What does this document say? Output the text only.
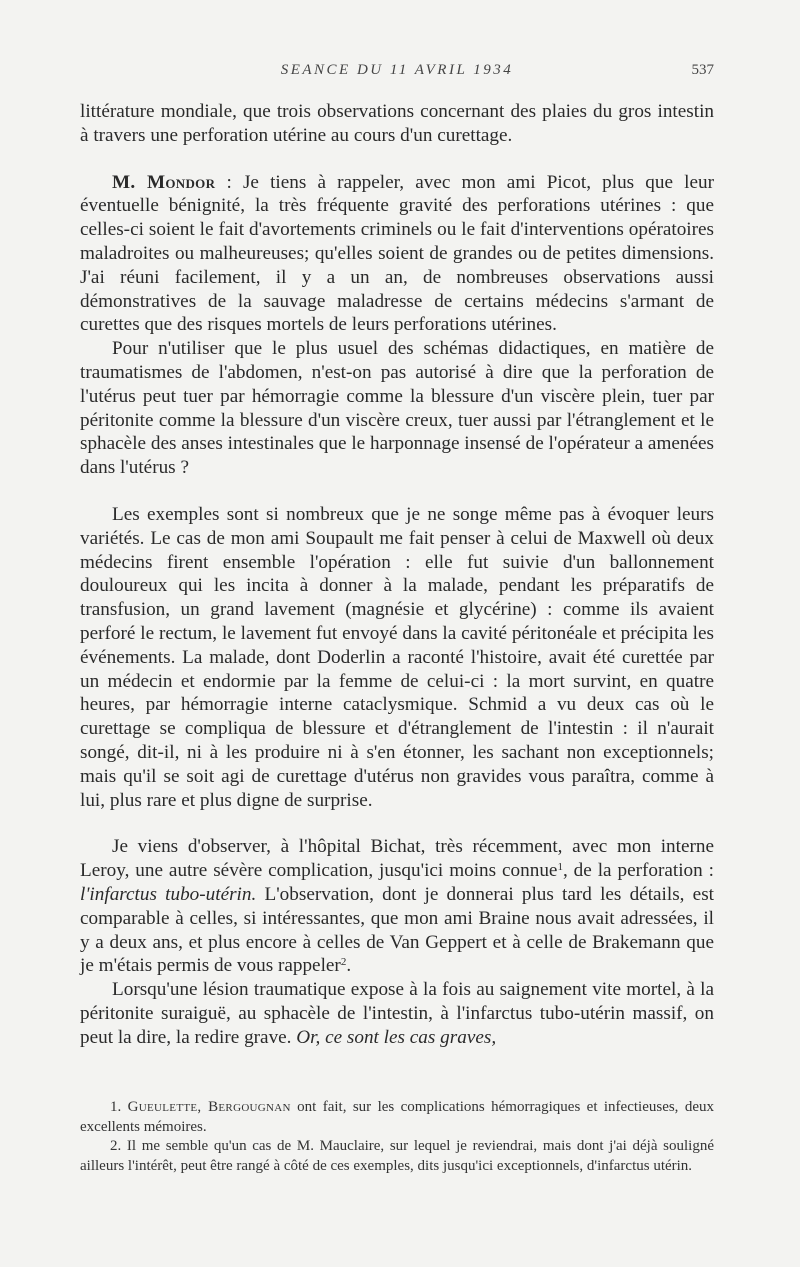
SEANCE DU 11 AVRIL 1934	537

littérature mondiale, que trois observations concernant des plaies du gros intestin à travers une perforation utérine au cours d'un curettage.

M. Mondor : Je tiens à rappeler, avec mon ami Picot, plus que leur éventuelle bénignité, la très fréquente gravité des perforations utérines : que celles-ci soient le fait d'avortements criminels ou le fait d'interventions opératoires maladroites ou malheureuses; qu'elles soient de grandes ou de petites dimensions. J'ai réuni facilement, il y a un an, de nombreuses observations aussi démonstratives de la sauvage maladresse de certains médecins s'armant de curettes que des risques mortels de leurs perforations utérines.

Pour n'utiliser que le plus usuel des schémas didactiques, en matière de traumatismes de l'abdomen, n'est-on pas autorisé à dire que la perforation de l'utérus peut tuer par hémorragie comme la blessure d'un viscère plein, tuer par péritonite comme la blessure d'un viscère creux, tuer aussi par l'étranglement et le sphacèle des anses intestinales que le harponnage insensé de l'opérateur a amenées dans l'utérus ?

Les exemples sont si nombreux que je ne songe même pas à évoquer leurs variétés. Le cas de mon ami Soupault me fait penser à celui de Maxwell où deux médecins firent ensemble l'opération : elle fut suivie d'un ballonnement douloureux qui les incita à donner à la malade, pendant les préparatifs de transfusion, un grand lavement (magnésie et glycérine) : comme ils avaient perforé le rectum, le lavement fut envoyé dans la cavité péritonéale et précipita les événements. La malade, dont Doderlin a raconté l'histoire, avait été curettée par un médecin et endormie par la femme de celui-ci : la mort survint, en quatre heures, par hémorragie interne cataclysmique. Schmid a vu deux cas où le curettage se compliqua de blessure et d'étranglement de l'intestin : il n'aurait songé, dit-il, ni à les produire ni à s'en étonner, les sachant non exceptionnels; mais qu'il se soit agi de curettage d'utérus non gravides vous paraîtra, comme à lui, plus rare et plus digne de surprise.

Je viens d'observer, à l'hôpital Bichat, très récemment, avec mon interne Leroy, une autre sévère complication, jusqu'ici moins connue$^1$, de la perforation : l'infarctus tubo-utérin. L'observation, dont je donnerai plus tard les détails, est comparable à celles, si intéressantes, que mon ami Braine nous avait adressées, il y a deux ans, et plus encore à celles de Van Geppert et à celle de Brakemann que je m'étais permis de vous rappeler$^2$.

Lorsqu'une lésion traumatique expose à la fois au saignement vite mortel, à la péritonite suraiguë, au sphacèle de l'intestin, à l'infarctus tubo-utérin massif, on peut la dire, la redire grave. Or, ce sont les cas graves,

1. Gueulette, Bergougnan ont fait, sur les complications hémorragiques et infectieuses, deux excellents mémoires.

2. Il me semble qu'un cas de M. Mauclaire, sur lequel je reviendrai, mais dont j'ai déjà souligné ailleurs l'intérêt, peut être rangé à côté de ces exemples, dits jusqu'ici exceptionnels, d'infarctus utérin.
